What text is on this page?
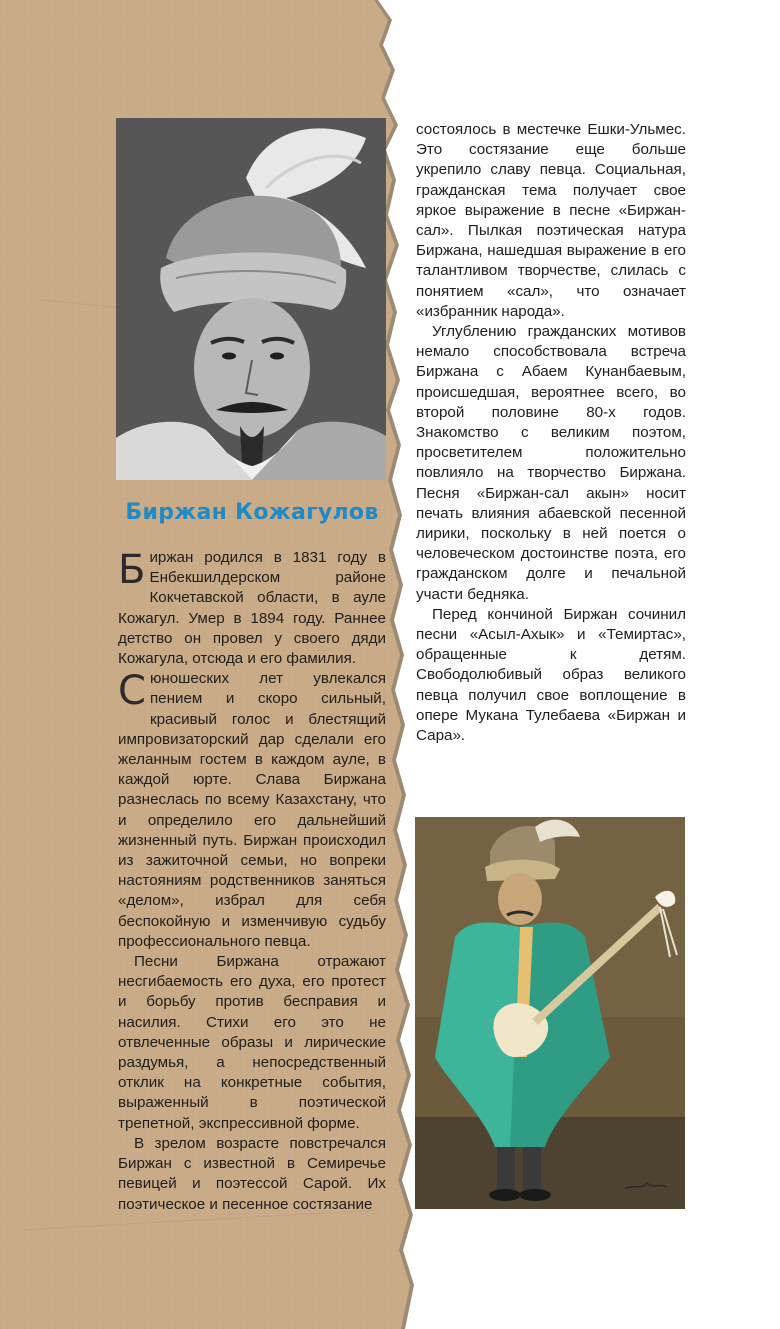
Биржан Кожагулов

Биржан родился в 1831 году в Енбекшилдерском районе Кокчетавской области, в ауле Кожагул. Умер в 1894 году. Раннее детство он провел у своего дяди Кожагула, отсюда и его фамилия.

Сюношеских лет увлекался пением и скоро сильный, красивый голос и блестящий импровизаторский дар сделали его желанным гостем в каждом ауле, в каждой юрте. Слава Биржана разнеслась по всему Казахстану, что и определило его дальнейший жизненный путь. Биржан происходил из зажиточной семьи, но вопреки настояниям родственников заняться «делом», избрал для себя беспокойную и изменчивую судьбу профессионального певца.

Песни Биржана отражают несгибаемость его духа, его протест и борьбу против бесправия и насилия. Стихи его это не отвлеченные образы и лирические раздумья, а непосредственный отклик на конкретные события, выраженный в поэтической трепетной, экспрессивной форме.

В зрелом возрасте повстречался Биржан с известной в Семиречье певицей и поэтессой Сарой. Их поэтическое и песенное состязание

состоялось в местечке Ешки-Ульмес. Это состязание еще больше укрепило славу певца. Социальная, гражданская тема получает свое яркое выражение в песне «Биржан-сал». Пылкая поэтическая натура Биржана, нашедшая выражение в его талантливом творчестве, слилась с понятием «сал», что означает «избранник народа».

Углублению гражданских мотивов немало способствовала встреча Биржана с Абаем Кунанбаевым, происшедшая, вероятнее всего, во второй половине 80-х годов. Знакомство с великим поэтом, просветителем положительно повлияло на творчество Биржана. Песня «Биржан-сал акын» носит печать влияния абаевской песенной лирики, поскольку в ней поется о человеческом достоинстве поэта, его гражданском долге и печальной участи бедняка.

Перед кончиной Биржан сочинил песни «Асыл-Ахык» и «Темиртас», обращенные к детям. Свободолюбивый образ великого певца получил свое воплощение в опере Мукана Тулебаева «Биржан и Сара».
